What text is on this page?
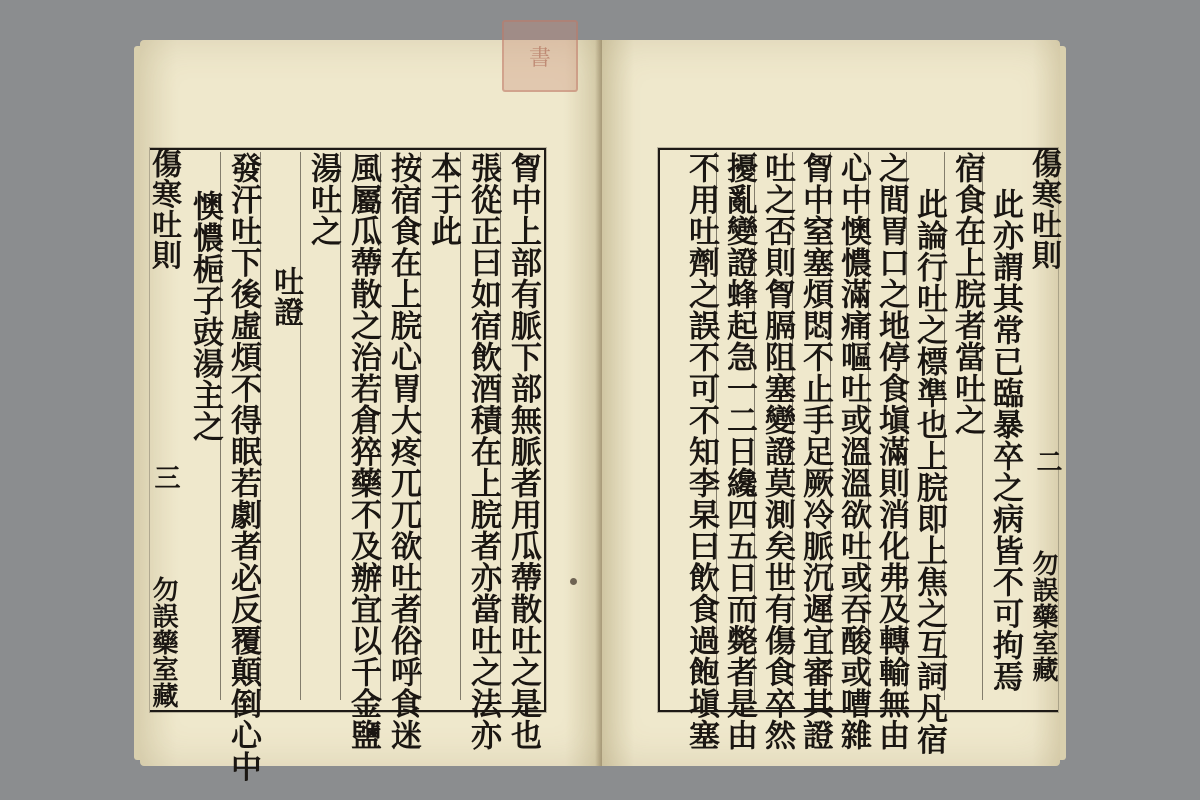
傷寒吐則
三
勿誤藥室藏	胷中上部有脈下部無脈者用瓜蔕散吐之是也
張從正曰如宿飲酒積在上脘者亦當吐之法亦
本于此
按宿食在上脘心胃大疼兀兀欲吐者俗呼食迷
風屬瓜蔕散之治若倉猝藥不及辦宜以千金鹽
湯吐之
吐證
發汗吐下後虛煩不得眠若劇者必反覆顛倒心中
懊憹梔子豉湯主之	傷寒吐則
二
勿誤藥室藏
此亦謂其常已臨暴卒之病皆不可拘焉
宿食在上脘者當吐之
此論行吐之標準也上脘即上焦之互詞凡宿
之間胃口之地停食塡滿則消化弗及轉輸無由
心中懊憹滿痛嘔吐或溫溫欲吐或吞酸或嘈雜
胷中窒塞煩悶不止手足厥冷脈沉遲宜審其證
吐之否則胷膈阻塞變證莫測矣世有傷食卒然
擾亂變證蜂起急一二日纔四五日而斃者是由
不用吐劑之誤不可不知李杲曰飲食過飽塡塞
書
